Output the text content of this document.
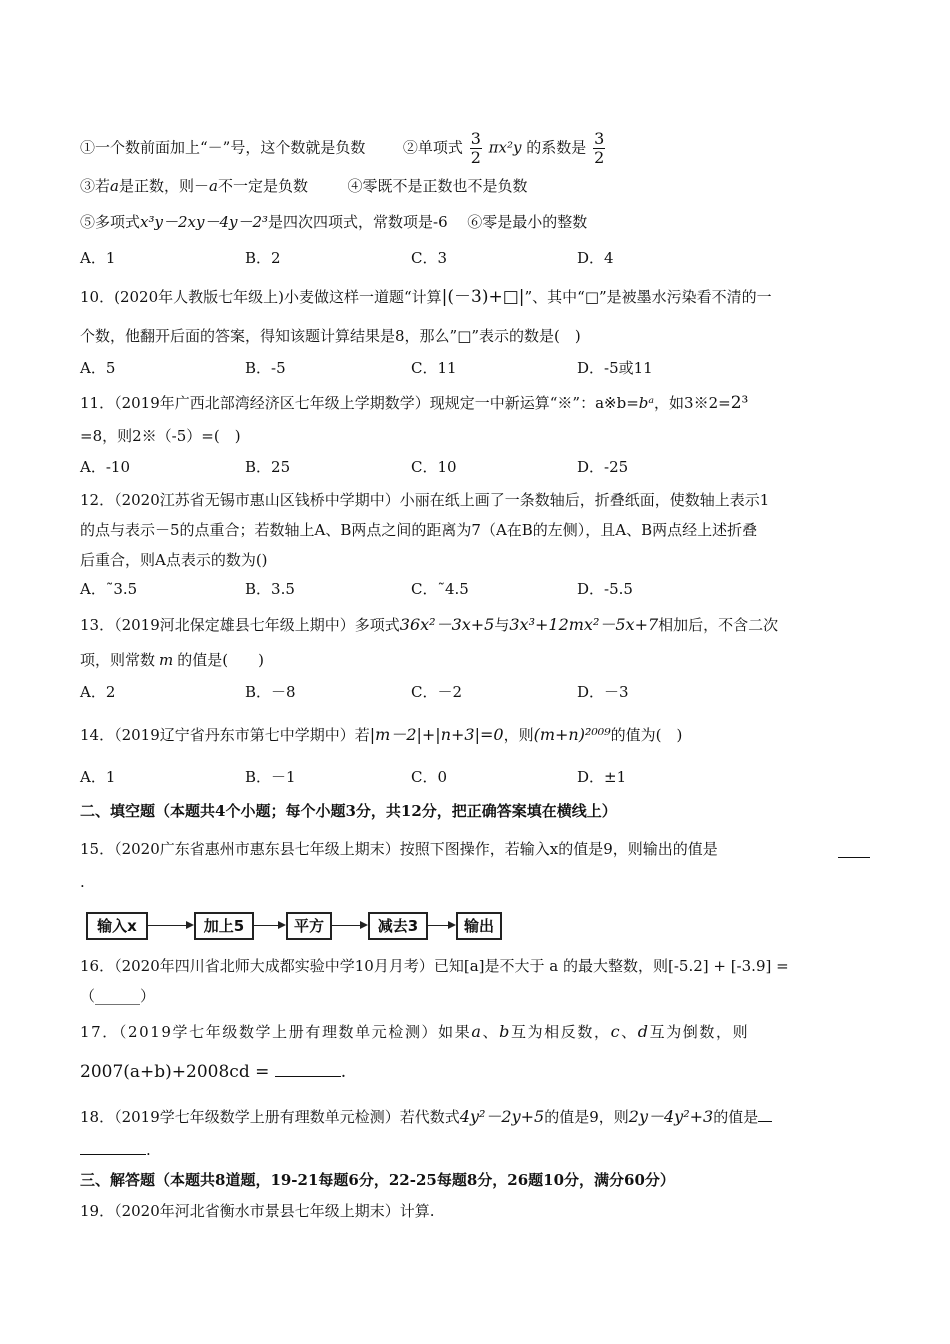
①一个数前面加上“－”号，这个数就是负数	②单项式 $\frac{3}{2} \pi x^2y$ 的系数是 $\frac{3}{2}$
③若a是正数，则－a不一定是负数	④零既不是正数也不是负数
⑤多项式x³y－2xy－4y－2³是四次四项式，常数项是-6 ⑥零是最小的整数
A．1	B．2	C．3	D．4
10．(2020年人教版七年级上)小麦做这样一道题“计算|(－3)+□|”、其中“□”是被墨水污染看不清的一
个数，他翻开后面的答案，得知该题计算结果是8，那么”□”表示的数是(　)
A．5	B．-5	C．11	D．-5或11
11．（2019年广西北部湾经济区七年级上学期数学）现规定一中新运算“※”：a※b=bᵃ，如3※2=2³
=8，则2※（-5）=(　)
A．-10	B．25	C．10	D．-25
12．（2020江苏省无锡市惠山区钱桥中学期中）小丽在纸上画了一条数轴后，折叠纸面，使数轴上表示1
的点与表示－5的点重合；若数轴上A、B两点之间的距离为7（A在B的左侧），且A、B两点经上述折叠
后重合，则A点表示的数为()
A．˜3.5	B．3.5	C．˜4.5	D．-5.5
13．（2019河北保定雄县七年级上期中）多项式36x²－3x+5与3x³+12mx²－5x+7相加后，不含二次
项，则常数 m 的值是(　　)
A．2	B．－8	C．－2	D．－3
14．（2019辽宁省丹东市第七中学期中）若|m－2|+|n+3|=0，则(m+n)²⁰⁰⁹的值为(　)
A．1	B．－1	C．0	D．±1
二、填空题（本题共4个小题；每个小题3分，共12分，把正确答案填在横线上）
15．（2020广东省惠州市惠东县七年级上期末）按照下图操作，若输入x的值是9，则输出的值是
.
输入x	加上5	平方	减去3	输出
16．（2020年四川省北师大成都实验中学10月月考）已知[a]是不大于 a 的最大整数，则[-5.2] + [-3.9] =
（______）
17．（2019学七年级数学上册有理数单元检测）如果a、b互为相反数，c、d互为倒数，则
2007(a+b)+2008cd =	.
18．（2019学七年级数学上册有理数单元检测）若代数式4y²－2y+5的值是9，则2y－4y²+3的值是
.
三、解答题（本题共8道题，19-21每题6分，22-25每题8分，26题10分，满分60分）
19．（2020年河北省衡水市景县七年级上期末）计算.
